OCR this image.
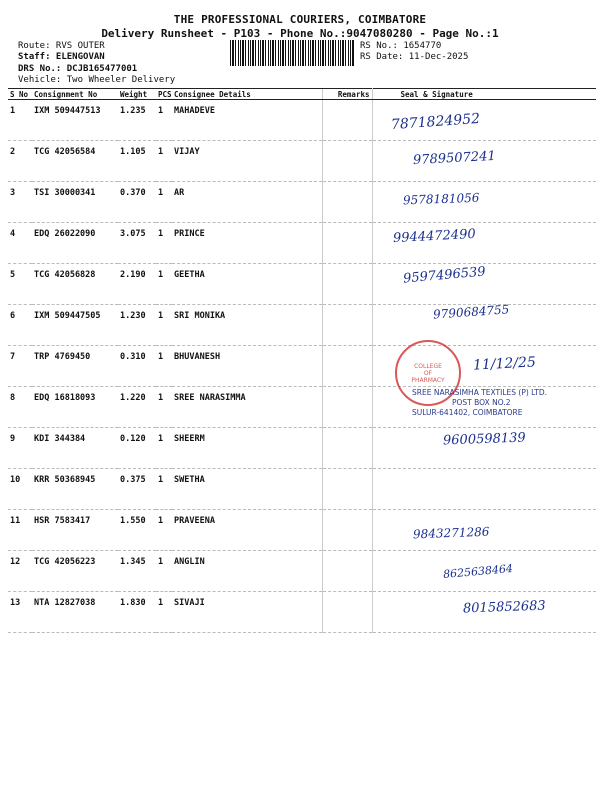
THE PROFESSIONAL COURIERS, COIMBATORE
Delivery Runsheet - P103 - Phone No.:9047080280 - Page No.:1
Route: RVS OUTER
Staff: ELENGOVAN
DRS No.: DCJB165477001
Vehicle: Two Wheeler Delivery
RS No.: 1654770
RS Date: 11-Dec-2025
S No	Consignment No	Weight	PCS	Consignee Details	Remarks	Seal & Signature
1	IXM 509447513	1.235	1	MAHADEVE		7871824952

2	TCG 42056584	1.105	1	VIJAY		9789507241

3	TSI 30000341	0.370	1	AR		9578181056

4	EDQ 26022090	3.075	1	PRINCE		9944472490

5	TCG 42056828	2.190	1	GEETHA		9597496539

6	IXM 509447505	1.230	1	SRI MONIKA		9790684755

7	TRP 4769450	0.310	1	BHUVANESH		11/12/25

8	EDQ 16818093	1.220	1	SREE NARASIMMA		

9	KDI 344384	0.120	1	SHEERM		9600598139

10	KRR 50368945	0.375	1	SWETHA		

11	HSR 7583417	1.550	1	PRAVEENA		9843271286

12	TCG 42056223	1.345	1	ANGLIN		8625638464

13	NTA 12827038	1.830	1	SIVAJI		8015852683
COLLEGE
OF
PHARMACY
SREE NARASIMHA TEXTILES (P) LTD.
POST BOX NO.2
SULUR-641402, COIMBATORE
